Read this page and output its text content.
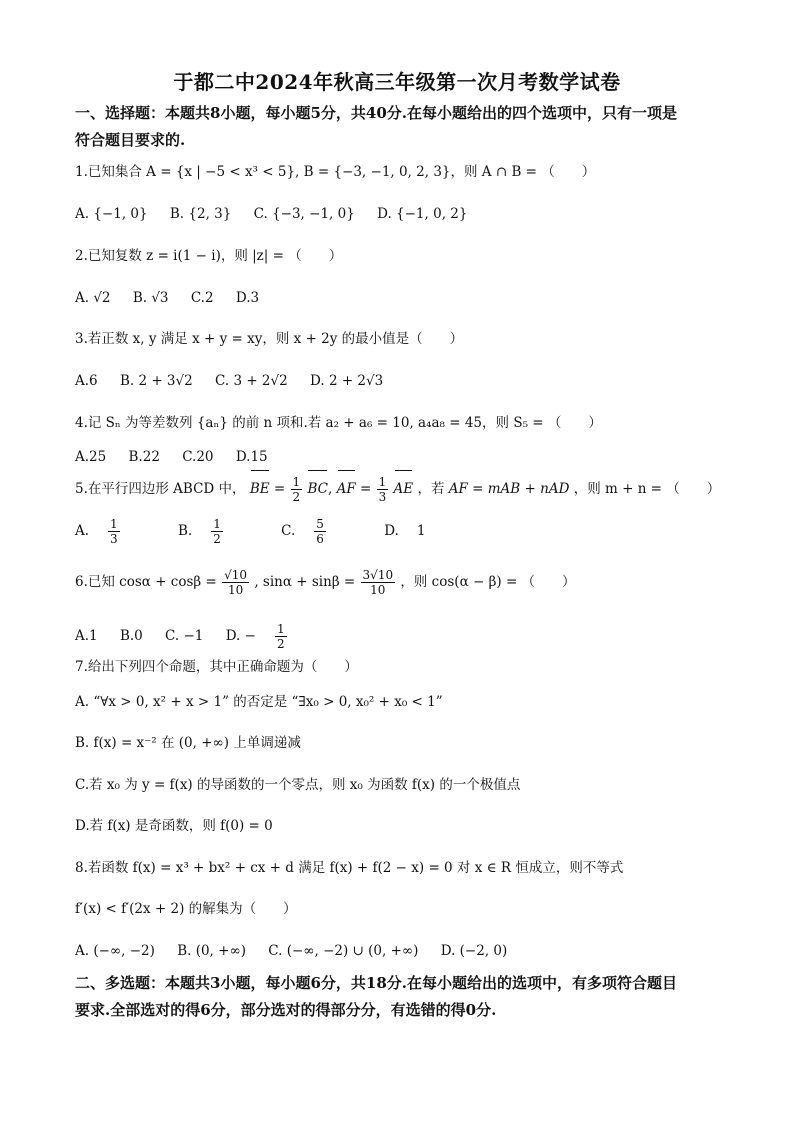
于都二中2024年秋高三年级第一次月考数学试卷
一、选择题：本题共8小题，每小题5分，共40分.在每小题给出的四个选项中，只有一项是
符合题目要求的.
1.已知集合 A = {x | −5 < x³ < 5}, B = {−3, −1, 0, 2, 3}，则 A ∩ B = （　　）
A. {−1, 0} B. {2, 3} C. {−3, −1, 0} D. {−1, 0, 2}
2.已知复数 z = i(1 − i)，则 |z| = （　　）
A. √2 B. √3 C.2 D.3
3.若正数 x, y 满足 x + y = xy，则 x + 2y 的最小值是（　　）
A.6 B. 2 + 3√2 C. 3 + 2√2 D. 2 + 2√3
4.记 Sₙ 为等差数列 {aₙ} 的前 n 项和.若 a₂ + a₆ = 10, a₄a₈ = 45，则 S₅ = （　　）
A.25 B.22 C.20 D.15
5.在平行四边形 ABCD 中， BE = $\frac{1}{2}$ BC, AF = $\frac{1}{3}$ AE ，若 AF = mAB + nAD ，则 m + n = （　　）
A. $\frac{1}{3}$	B. $\frac{1}{2}$	C. $\frac{5}{6}$	D. 1
6.已知 $\cos\alpha + \cos\beta = \frac{√10}{10}$ , $\sin\alpha + \sin\beta = \frac{3√10}{10}$ ，则 cos(α − β) = （　　）
A.1 B.0 C. −1 D. − $\frac{1}{2}$
7.给出下列四个命题，其中正确命题为（　　）
A. “∀x > 0, x² + x > 1” 的否定是 “∃x₀ > 0, x₀² + x₀ < 1”
B. f(x) = x⁻² 在 (0, +∞) 上单调递减
C.若 x₀ 为 y = f(x) 的导函数的一个零点，则 x₀ 为函数 f(x) 的一个极值点
D.若 f(x) 是奇函数，则 f(0) = 0
8.若函数 f(x) = x³ + bx² + cx + d 满足 f(x) + f(2 − x) = 0 对 x ∈ R 恒成立，则不等式
f′(x) < f′(2x + 2) 的解集为（　　）
A. (−∞, −2) B. (0, +∞) C. (−∞, −2) ∪ (0, +∞) D. (−2, 0)
二、多选题：本题共3小题，每小题6分，共18分.在每小题给出的选项中，有多项符合题目
要求.全部选对的得6分，部分选对的得部分分，有选错的得0分.
